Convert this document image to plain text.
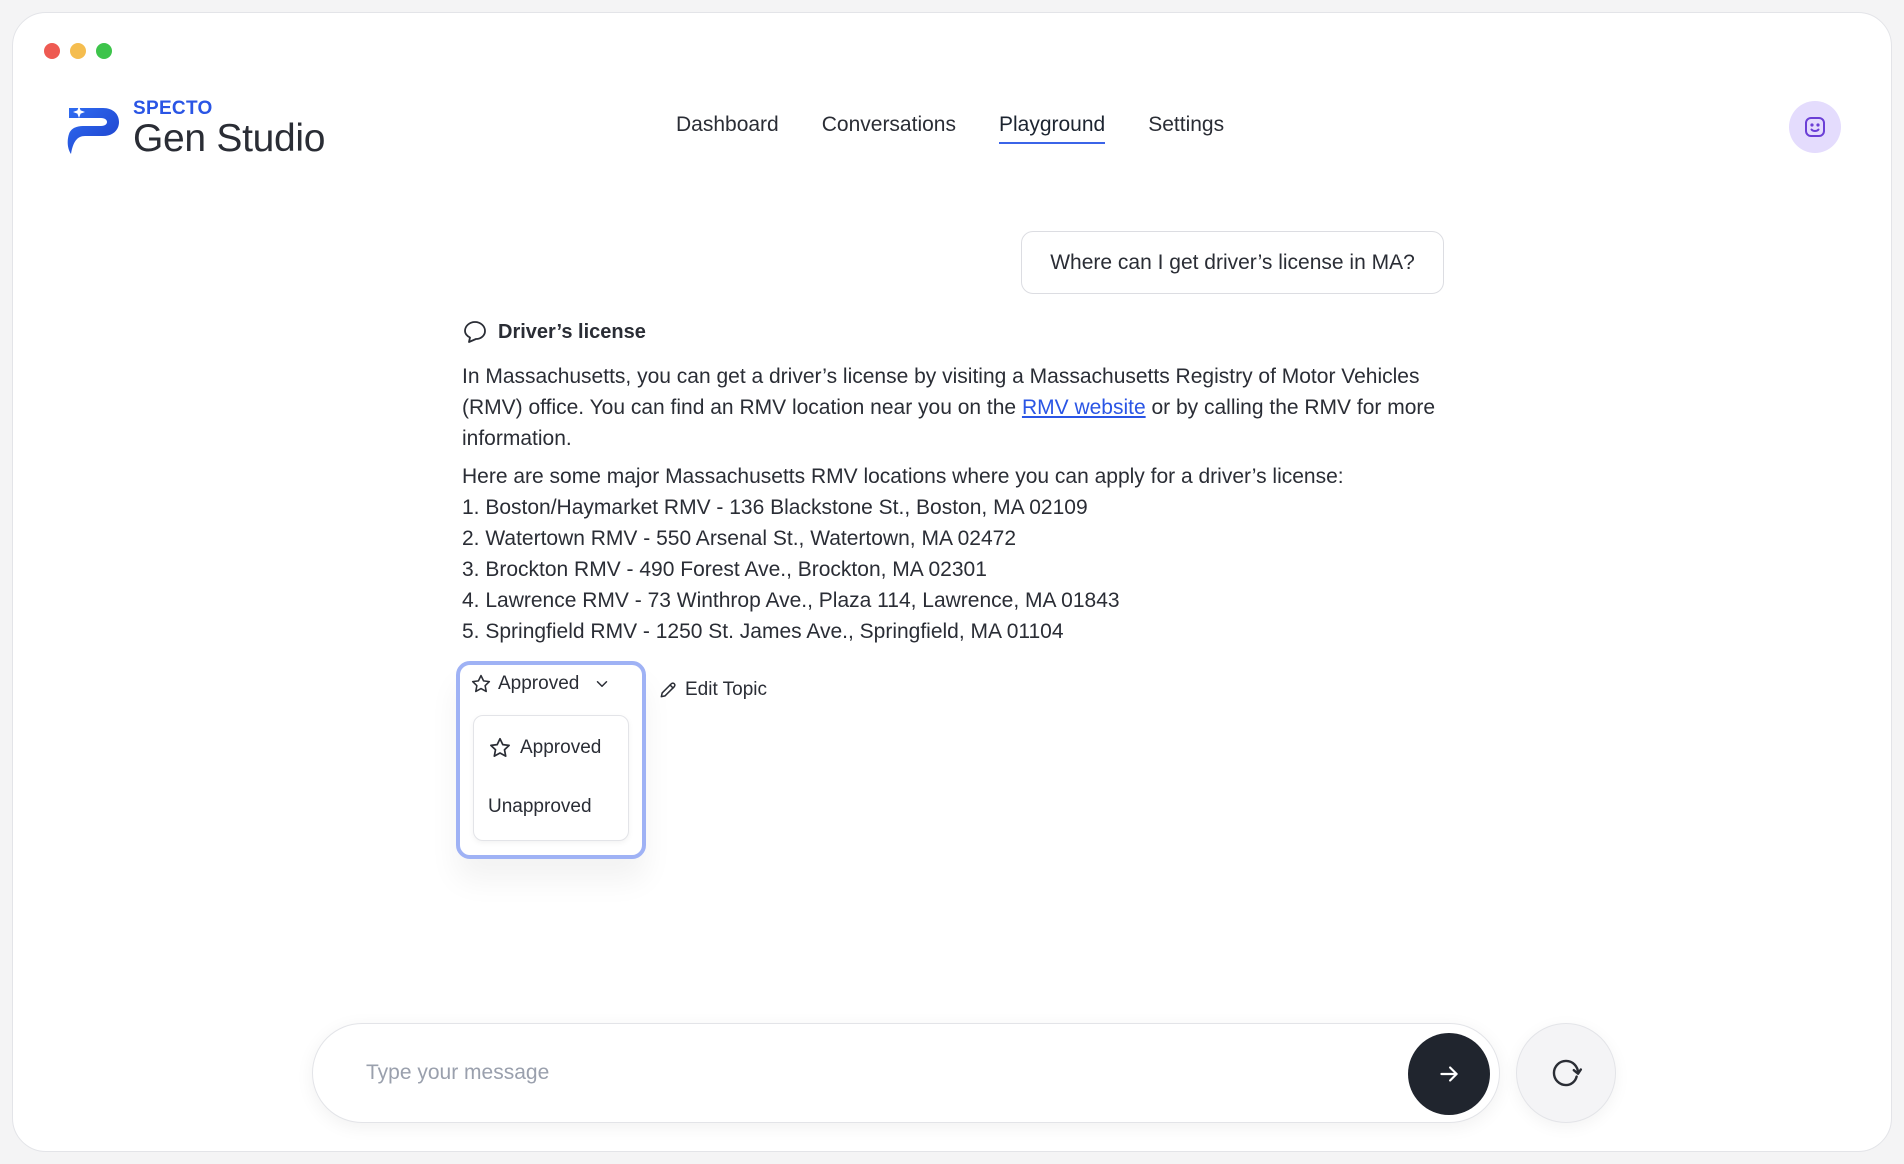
SPECTO
Gen Studio	Dashboard Conversations Playground Settings
Where can I get driver’s license in MA?
Driver’s license

In Massachusetts, you can get a driver’s license by visiting a Massachusetts Registry of Motor Vehicles (RMV) office. You can find an RMV location near you on the RMV website or by calling the RMV for more information.

Here are some major Massachusetts RMV locations where you can apply for a driver’s license:

1. Boston/Haymarket RMV - 136 Blackstone St., Boston, MA 02109
2. Watertown RMV - 550 Arsenal St., Watertown, MA 02472
3. Brockton RMV - 490 Forest Ave., Brockton, MA 02301
4. Lawrence RMV - 73 Winthrop Ave., Plaza 114, Lawrence, MA 01843
5. Springfield RMV - 1250 St. James Ave., Springfield, MA 01104
Approved
Approved
Unapproved
Edit Topic
Type your message
